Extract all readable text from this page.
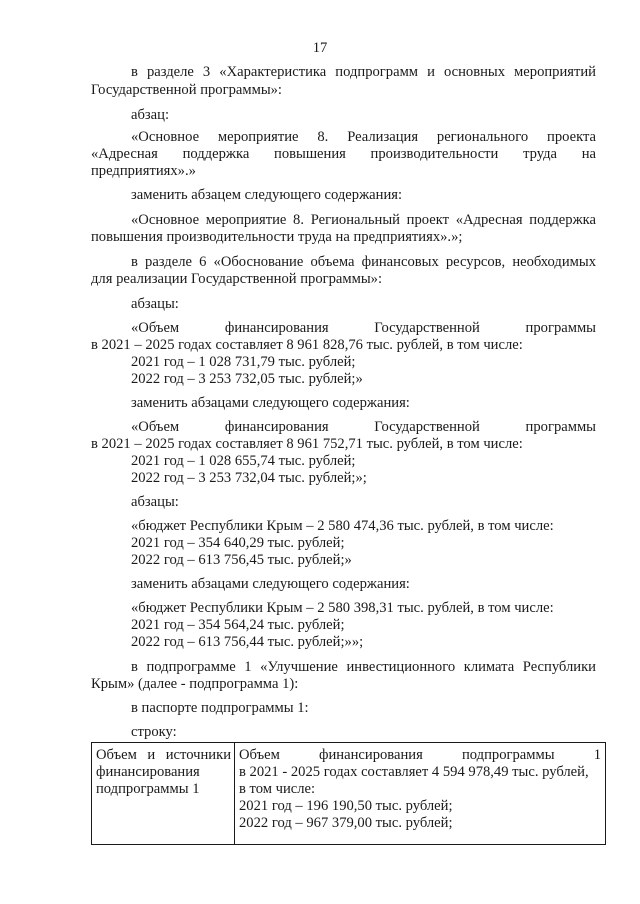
17
в разделе 3 «Характеристика подпрограмм и основных мероприятий
Государственной программы»:
абзац:
«Основное мероприятие 8. Реализация регионального проекта
«Адресная поддержка повышения производительности труда на
предприятиях».»
заменить абзацем следующего содержания:
«Основное мероприятие 8. Региональный проект «Адресная поддержка
повышения производительности труда на предприятиях».»;
в разделе 6 «Обоснование объема финансовых ресурсов, необходимых
для реализации Государственной программы»:
абзацы:
«Объем финансирования Государственной программы
в 2021 – 2025 годах составляет 8 961 828,76 тыс. рублей, в том числе:
2021 год – 1 028 731,79 тыс. рублей;
2022 год – 3 253 732,05 тыс. рублей;»
заменить абзацами следующего содержания:
«Объем финансирования Государственной программы
в 2021 – 2025 годах составляет 8 961 752,71 тыс. рублей, в том числе:
2021 год – 1 028 655,74 тыс. рублей;
2022 год – 3 253 732,04 тыс. рублей;»;
абзацы:
«бюджет Республики Крым – 2 580 474,36 тыс. рублей, в том числе:
2021 год – 354 640,29 тыс. рублей;
2022 год – 613 756,45 тыс. рублей;»
заменить абзацами следующего содержания:
«бюджет Республики Крым – 2 580 398,31 тыс. рублей, в том числе:
2021 год – 354 564,24 тыс. рублей;
2022 год – 613 756,44 тыс. рублей;»»;
в подпрограмме 1 «Улучшение инвестиционного климата Республики
Крым» (далее - подпрограмма 1):
в паспорте подпрограммы 1:
строку:
Объем и источники
финансирования
подпрограммы 1
Объем финансирования подпрограммы 1
в 2021 - 2025 годах составляет 4 594 978,49 тыс. рублей,
в том числе:
2021 год – 196 190,50 тыс. рублей;
2022 год – 967 379,00 тыс. рублей;
